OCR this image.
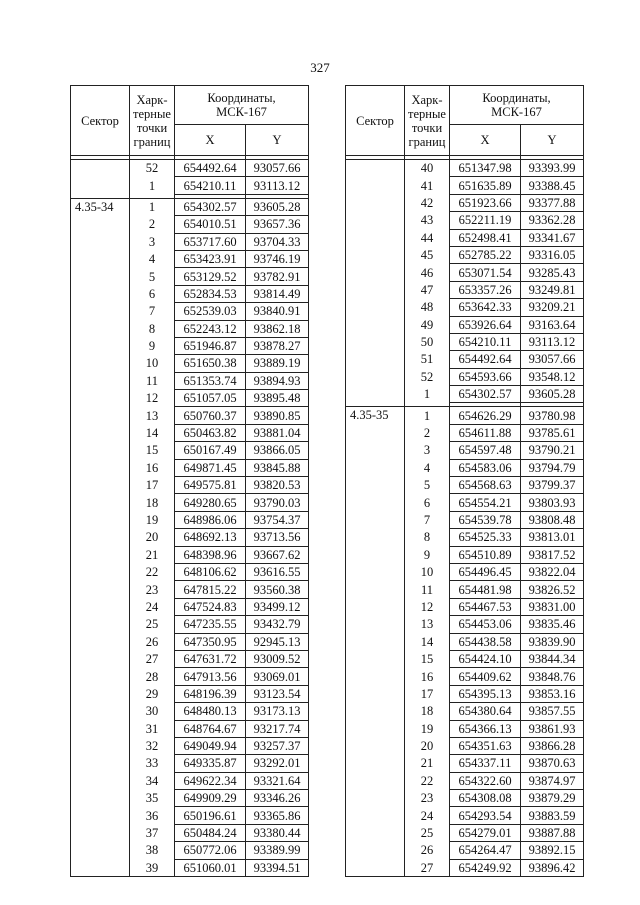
327
Сектор	Харк-
терные
точки
границ	Координаты,
МСК-167	
		X	Y

	52	654492.64	93057.66
	1	654210.11	93113.12

4.35-34	1	654302.57	93605.28
	2	654010.51	93657.36
	3	653717.60	93704.33
	4	653423.91	93746.19
	5	653129.52	93782.91
	6	652834.53	93814.49
	7	652539.03	93840.91
	8	652243.12	93862.18
	9	651946.87	93878.27
	10	651650.38	93889.19
	11	651353.74	93894.93
	12	651057.05	93895.48
	13	650760.37	93890.85
	14	650463.82	93881.04
	15	650167.49	93866.05
	16	649871.45	93845.88
	17	649575.81	93820.53
	18	649280.65	93790.03
	19	648986.06	93754.37
	20	648692.13	93713.56
	21	648398.96	93667.62
	22	648106.62	93616.55
	23	647815.22	93560.38
	24	647524.83	93499.12
	25	647235.55	93432.79
	26	647350.95	92945.13
	27	647631.72	93009.52
	28	647913.56	93069.01
	29	648196.39	93123.54
	30	648480.13	93173.13
	31	648764.67	93217.74
	32	649049.94	93257.37
	33	649335.87	93292.01
	34	649622.34	93321.64
	35	649909.29	93346.26
	36	650196.61	93365.86
	37	650484.24	93380.44
	38	650772.06	93389.99
	39	651060.01	93394.51
Сектор	Харк-
терные
точки
границ	Координаты,
МСК-167	
		X	Y

	40	651347.98	93393.99
	41	651635.89	93388.45
	42	651923.66	93377.88
	43	652211.19	93362.28
	44	652498.41	93341.67
	45	652785.22	93316.05
	46	653071.54	93285.43
	47	653357.26	93249.81
	48	653642.33	93209.21
	49	653926.64	93163.64
	50	654210.11	93113.12
	51	654492.64	93057.66
	52	654593.66	93548.12
	1	654302.57	93605.28

4.35-35	1	654626.29	93780.98
	2	654611.88	93785.61
	3	654597.48	93790.21
	4	654583.06	93794.79
	5	654568.63	93799.37
	6	654554.21	93803.93
	7	654539.78	93808.48
	8	654525.33	93813.01
	9	654510.89	93817.52
	10	654496.45	93822.04
	11	654481.98	93826.52
	12	654467.53	93831.00
	13	654453.06	93835.46
	14	654438.58	93839.90
	15	654424.10	93844.34
	16	654409.62	93848.76
	17	654395.13	93853.16
	18	654380.64	93857.55
	19	654366.13	93861.93
	20	654351.63	93866.28
	21	654337.11	93870.63
	22	654322.60	93874.97
	23	654308.08	93879.29
	24	654293.54	93883.59
	25	654279.01	93887.88
	26	654264.47	93892.15
	27	654249.92	93896.42
